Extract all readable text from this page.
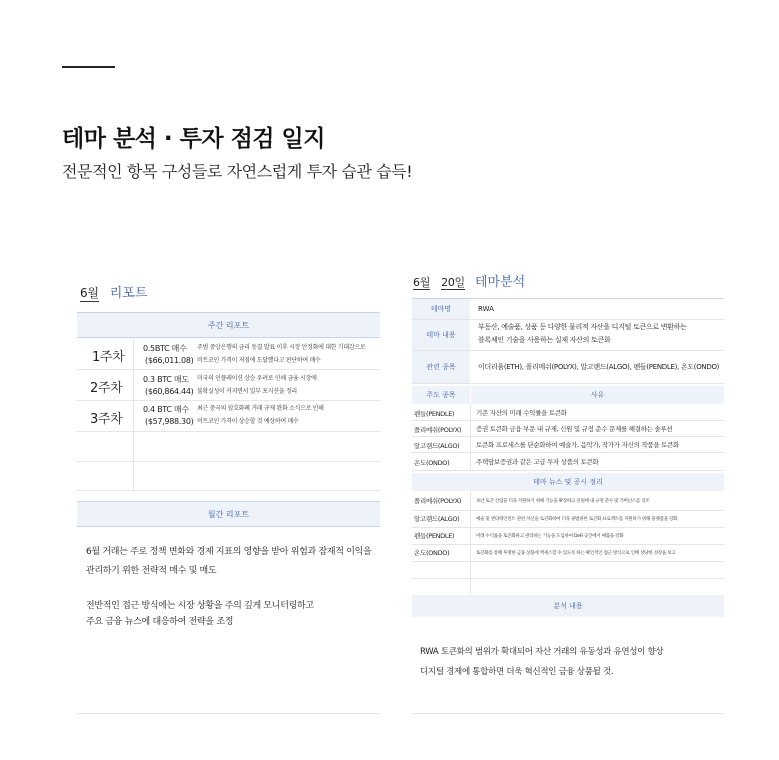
테마 분석 · 투자 점검 일지
전문적인 항목 구성들로 자연스럽게 투자 습관 습득!
6월 리포트
주간 리포트
1주차
0.5BTC 매수
($66,011.08)
주범 중앙은행의 금리 동결 발표 이후 시장 안정화에 대한 기대감으로
비트코인 가격이 저점에 도달했다고 판단하여 매수
2주차
0.3 BTC 매도
($60,864.44)
미국의 인플레이션 상승 우려로 인해 금융 시장에
불확실성이 커지면서 일부 포지션을 정리
3주차
0.4 BTC 매수
($57,988.30)
최근 중국의 암호화폐 거래 규제 완화 소식으로 인해
비트코인 가격이 상승할 것 예상하여 매수
월간 리포트
6월 거래는 주로 정책 변화와 경제 지표의 영향을 받아 위험과 잠재적 이익을
관리하기 위한 전략적 매수 및 매도
전반적인 접근 방식에는 시장 상황을 주의 깊게 모니터링하고
주요 금융 뉴스에 대응하여 전략을 조정
6월 20일 테마분석
테마명	RWA
테마 내용
부동산, 예술품, 상품 등 다양한 물리적 자산을 디지털 토큰으로 변환하는
블록체인 기술을 사용하는 실제 자산의 토큰화
관련 종목	이더리움(ETH), 폴리메쉬(POLYX), 알고랜드(ALGO), 펜들(PENDLE), 온도(ONDO)
주도 종목	사유
펜들(PENDLE)	기존 자산의 미래 수익률을 토큰화
폴리메쉬(POLYX) 증권 토큰화 금융 부문 내 규제, 신원 및 규정 준수 문제를 해결하는 솔루션
알고랜드(ALGO)	토큰화 프로세스를 단순화하여 예술가, 음악가, 작가가 자신의 작품을 토큰화
온도(ONDO)	주택담보증권과 같은 고급 투자 상품의 토큰화
테마 뉴스 및 공시 정리
폴리메쉬(POLYX)	보안 토큰 산업을 더욱 지원하기 위해 기능을 확장하고 신원에 내 규정 준수 및 거버넌스를 강조
알고랜드(ALGO)	예술 및 엔터테인먼트 관련 자산을 토큰화하여 더욱 광범위한 토큰화 프로젝트를 지원하기 위해 플랫폼을 강화
펜들(PENDLE)	미래 수익률을 토큰화하고 관리하는 기능을 도입하여 DeFi 공간에서 매출을 강화
온도(ONDO)	토큰화를 통해 투명한 금융 상품에 액세스할 수 있도록 하는 확인적인 접근 방식으로 인해 상당한 성장을 보고
분석 내용
RWA 토큰화의 범위가 확대되어 자산 거래의 유동성과 유연성이 향상
디지털 경제에 통합하면 더욱 혁신적인 금융 상품될 것.
